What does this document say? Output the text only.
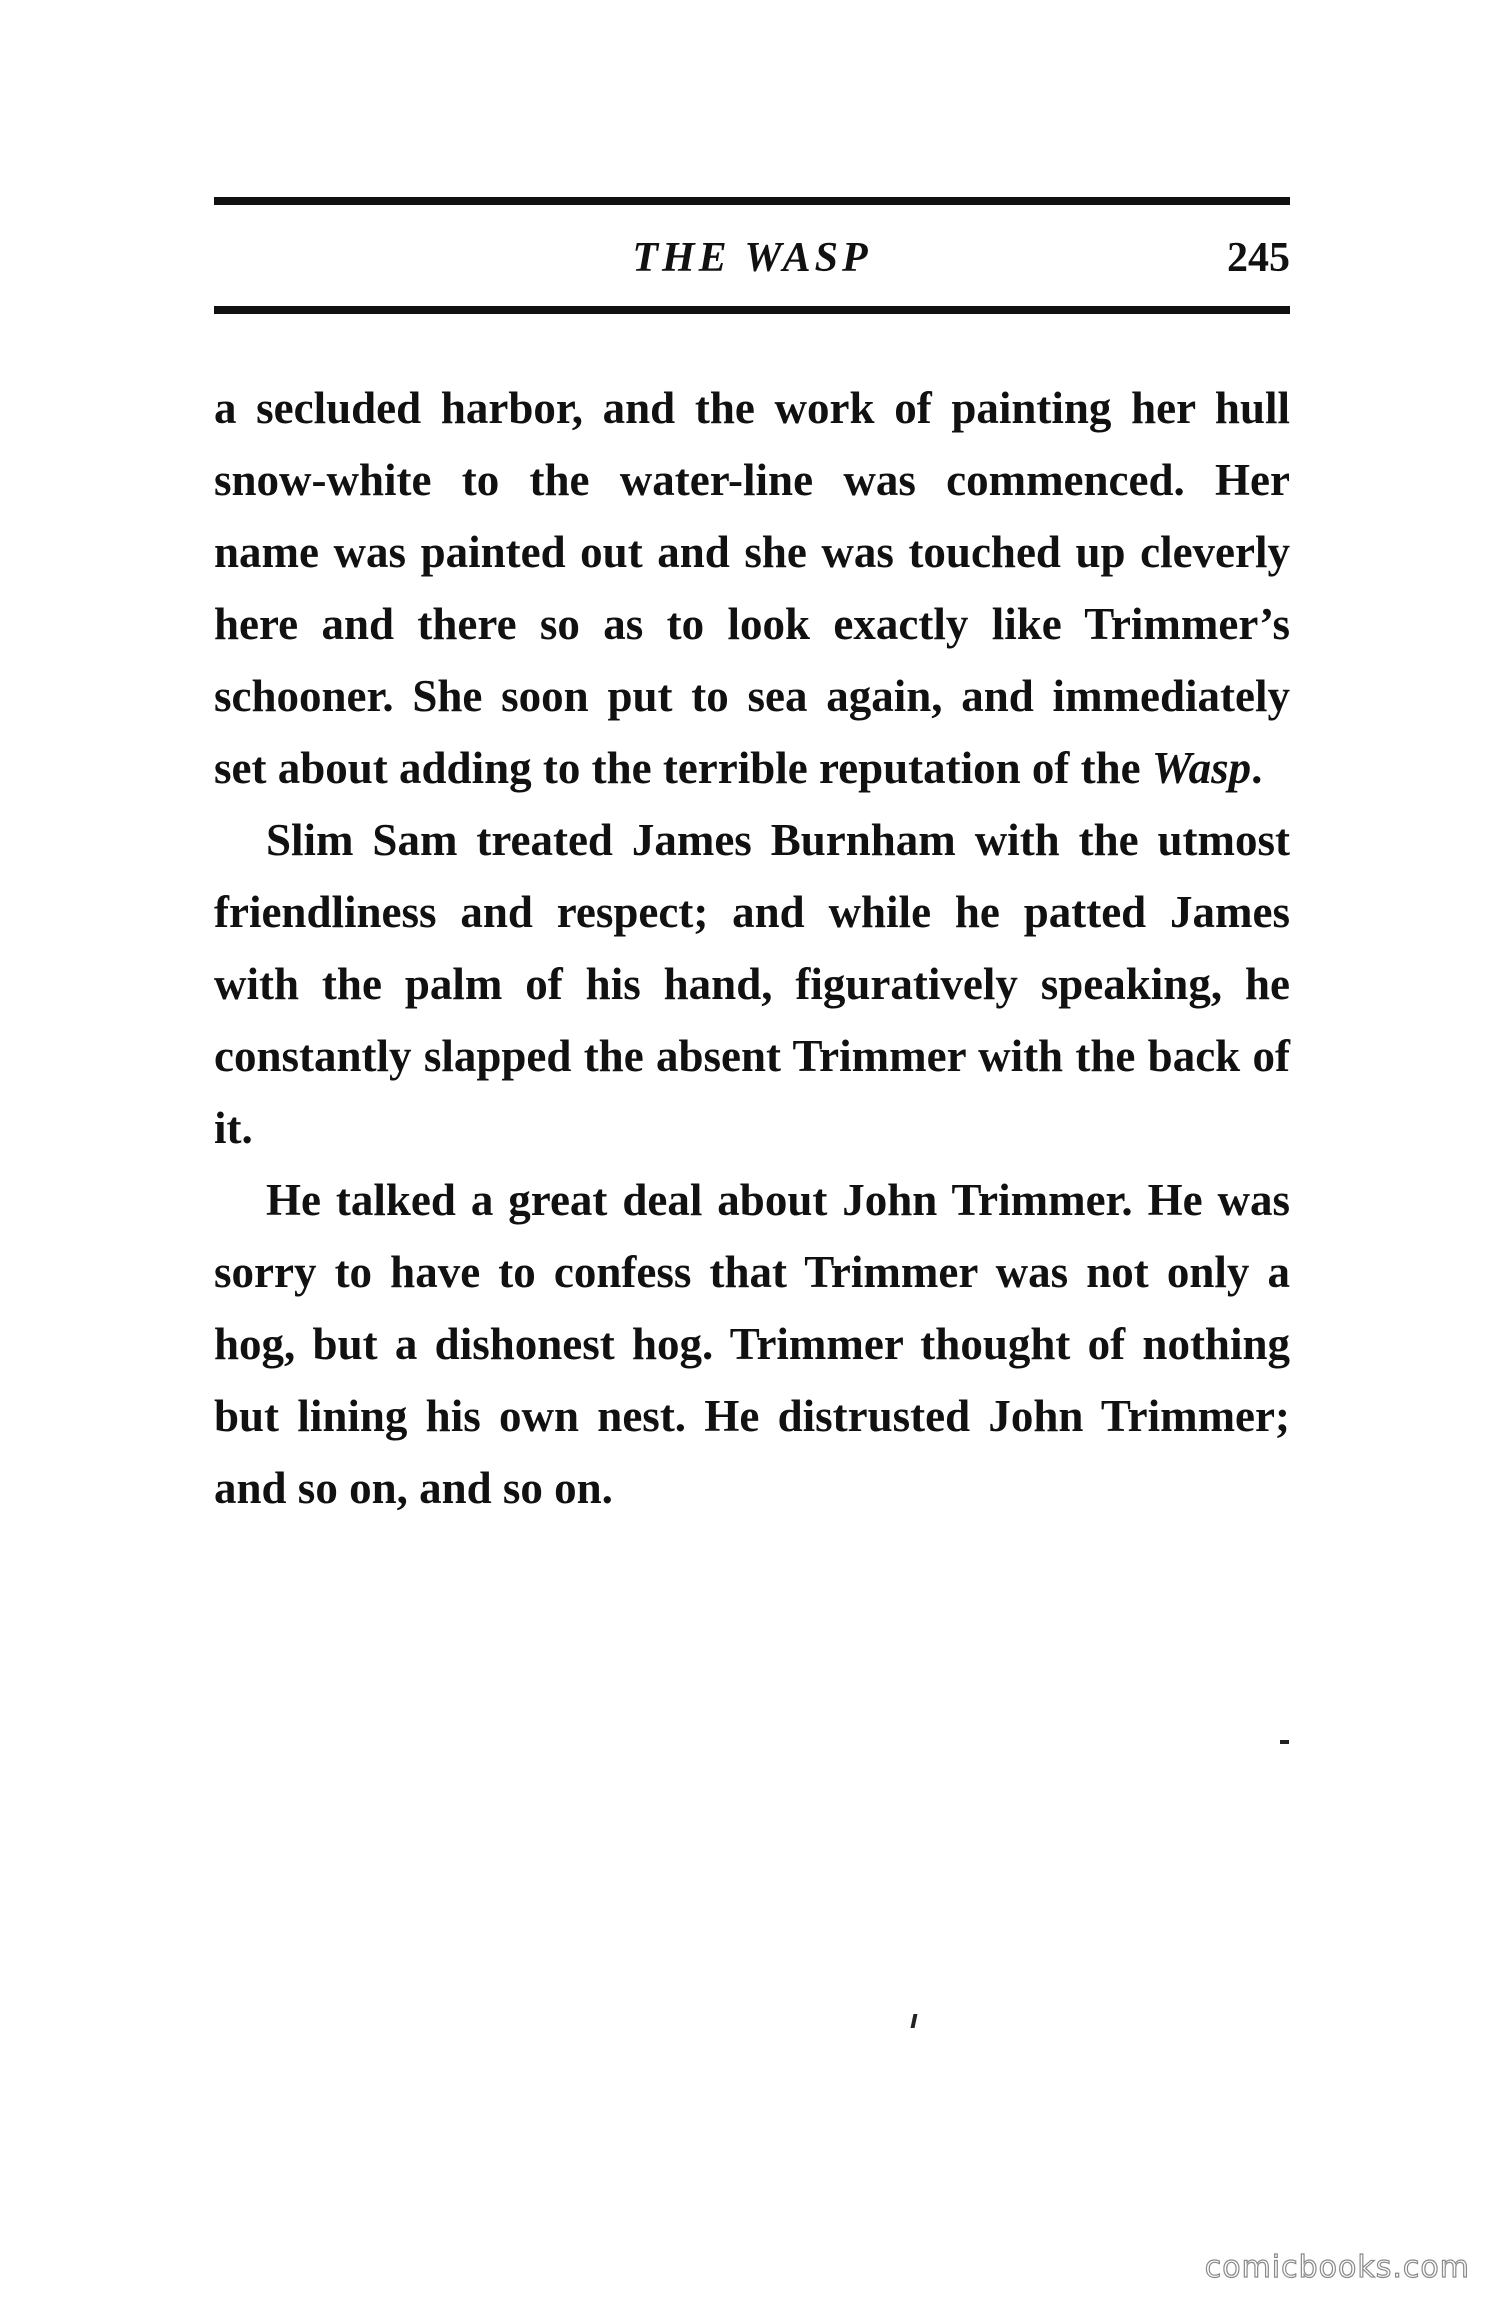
THE WASP	245

a secluded harbor, and the work of painting her hull snow-white to the water-line was commenced. Her name was painted out and she was touched up cleverly here and there so as to look exactly like Trimmer’s schooner. She soon put to sea again, and immediately set about adding to the terrible reputation of the Wasp.

Slim Sam treated James Burnham with the utmost friendliness and respect; and while he patted James with the palm of his hand, figuratively speaking, he constantly slapped the absent Trimmer with the back of it.

He talked a great deal about John Trimmer. He was sorry to have to confess that Trimmer was not only a hog, but a dishonest hog. Trimmer thought of nothing but lining his own nest. He distrusted John Trimmer; and so on, and so on.

comicbooks.com
